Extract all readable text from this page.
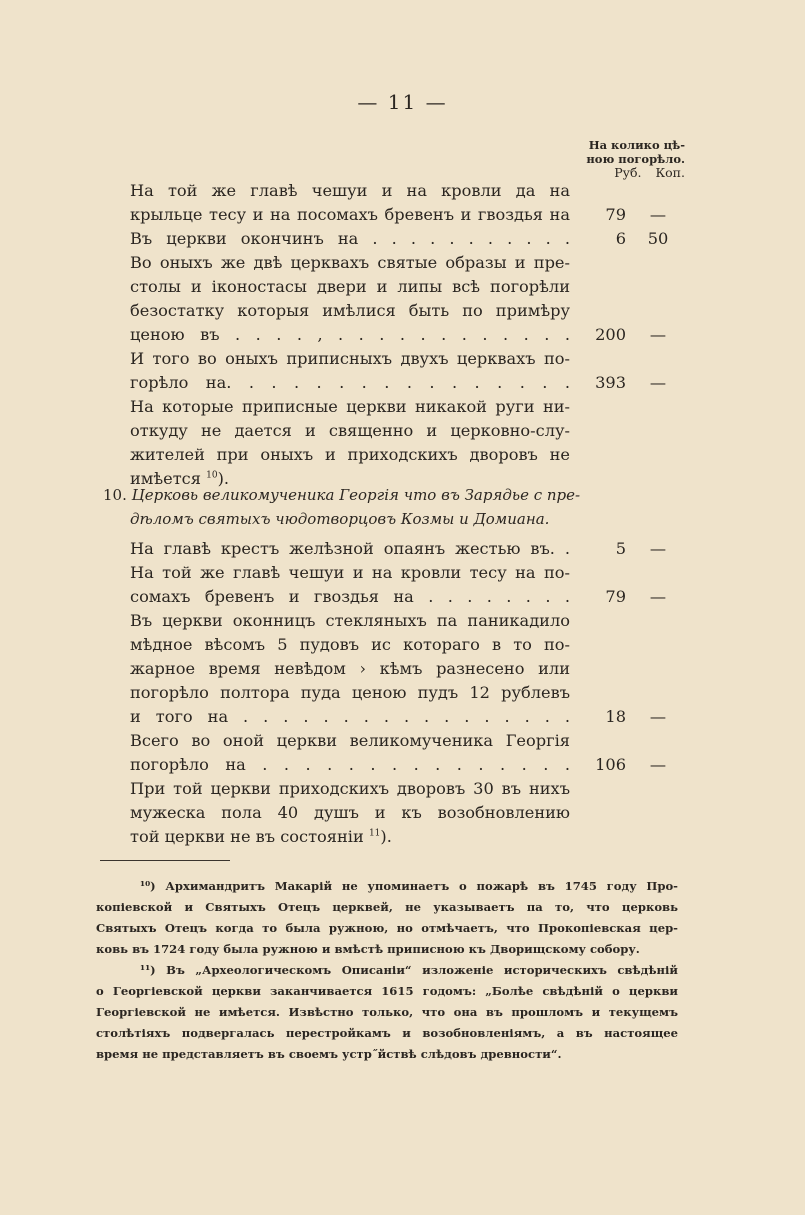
— 11 —
На колико цѣ-
ною погорѣло.
Руб. Коп.
На той же главѣ чешуи и на кровли да на
крыльце тесу и на посомахъ бревенъ и гвоздья на	79	—
Въ церкви окончинъ на . . . . . . . . . . .	6	50
Во оныхъ же двѣ церквахъ святые образы и пре-
столы и іконостасы двери и липы всѣ погорѣли
безостатку которыя имѣлися быть по примѣру
ценою въ . . . . , . . . . . . . . . . . .	200	—
И того во оныхъ приписныхъ двухъ церквахъ по-
горѣло на. . . . . . . . . . . . . . . .	393	—
На которые приписные церкви никакой руги ни-
откуду не дается и священно и церковно-слу-
жителей при оныхъ и приходскихъ дворовъ не
имѣется $^{10}$).
10. Церковь великомученика Георгія что въ Зарядье с пре-
дѣломъ святыхъ чюдотворцовъ Козмы и Домиана.
На главѣ крестъ желѣзной опаянъ жестью въ. .	5	—
На той же главѣ чешуи и на кровли тесу на по-
сомахъ бревенъ и гвоздья на . . . . . . . .	79	—
Въ церкви оконницъ стекляныхъ па паникадило
мѣдное вѣсомъ 5 пудовъ ис котораго в то по-
жарное время невѣдом › кѣмъ разнесено или
погорѣло полтора пуда ценою пудъ 12 рублевъ
и того на . . . . . . . . . . . . . . . . .	18	—
Всего во оной церкви великомученика Георгія
погорѣло на . . . . . . . . . . . . . . .	106	—
При той церкви приходскихъ дворовъ 30 въ нихъ
мужеска пола 40 душъ и къ возобновлению
той церкви не въ состояніи $^{11}$).
¹⁰) Архимандритъ Макарій не упоминаетъ о пожарѣ въ 1745 году Про-
копіевской и Святыхъ Отецъ церквей, не указываетъ па то, что церковь
Святыхъ Отецъ когда то была ружною, но отмѣчаетъ, что Прокопіевская цер-
ковь въ 1724 году была ружною и вмѣстѣ приписною къ Дворищскому собору.
¹¹) Въ „Археологическомъ Описаніи“ изложеніе историческихъ свѣдѣній
о Георгіевской церкви заканчивается 1615 годомъ: „Болѣе свѣдѣній о церкви
Георгіевской не имѣется. Извѣстно только, что она въ прошломъ и текущемъ
столѣтіяхъ подвергалась перестройкамъ и возобновленіямъ, а въ настоящее
время не представляетъ въ своемъ устр˝йствѣ слѣдовъ древности“.
